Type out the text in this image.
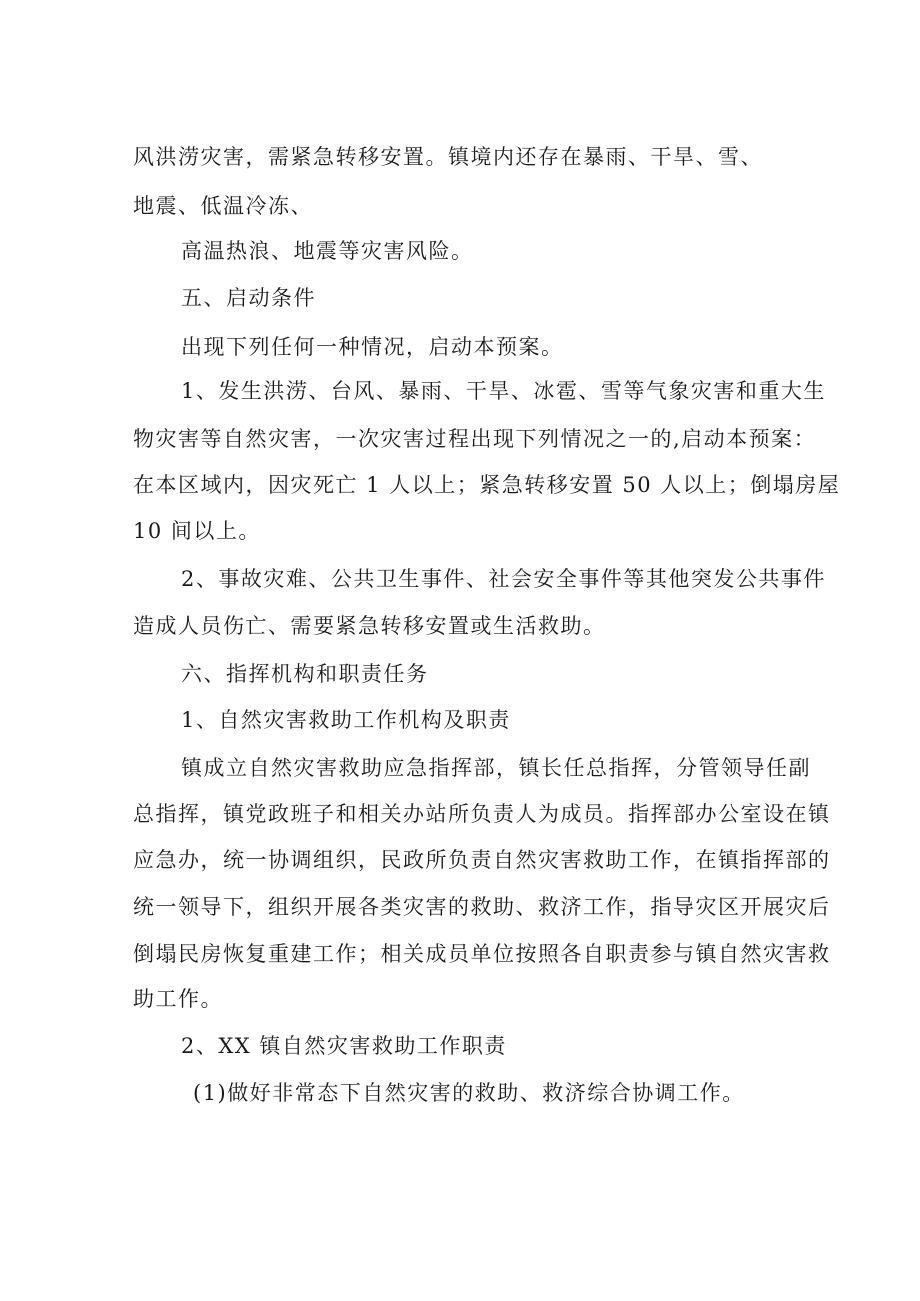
风洪涝灾害，需紧急转移安置。镇境内还存在暴雨、干旱、雪、
地震、低温冷冻、
高温热浪、地震等灾害风险。
五、启动条件
出现下列任何一种情况，启动本预案。
1、发生洪涝、台风、暴雨、干旱、冰雹、雪等气象灾害和重大生
物灾害等自然灾害，一次灾害过程出现下列情况之一的,启动本预案：
在本区域内，因灾死亡 1 人以上；紧急转移安置 50 人以上；倒塌房屋
10 间以上。
2、事故灾难、公共卫生事件、社会安全事件等其他突发公共事件
造成人员伤亡、需要紧急转移安置或生活救助。
六、指挥机构和职责任务
1、自然灾害救助工作机构及职责
镇成立自然灾害救助应急指挥部，镇长任总指挥，分管领导任副
总指挥，镇党政班子和相关办站所负责人为成员。指挥部办公室设在镇
应急办，统一协调组织，民政所负责自然灾害救助工作，在镇指挥部的
统一领导下，组织开展各类灾害的救助、救济工作，指导灾区开展灾后
倒塌民房恢复重建工作；相关成员单位按照各自职责参与镇自然灾害救
助工作。
2、XX 镇自然灾害救助工作职责
(1)做好非常态下自然灾害的救助、救济综合协调工作。
